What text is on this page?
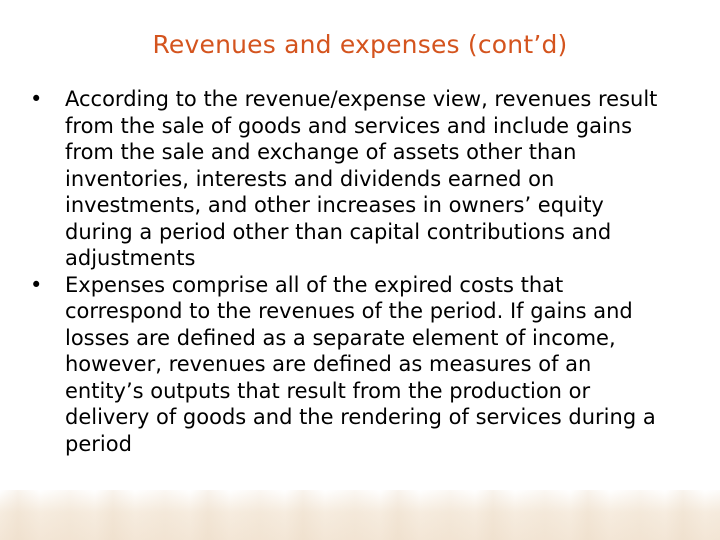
Revenues and expenses (cont’d)
•	According to the revenue/expense view, revenues result from the sale of goods and services and include gains from the sale and exchange of assets other than inventories, interests and dividends earned on investments, and other increases in owners’ equity during a period other than capital contributions and adjustments
•	Expenses comprise all of the expired costs that correspond to the revenues of the period. If gains and losses are defined as a separate element of income, however, revenues are defined as measures of an entity’s outputs that result from the production or delivery of goods and the rendering of services during a period
